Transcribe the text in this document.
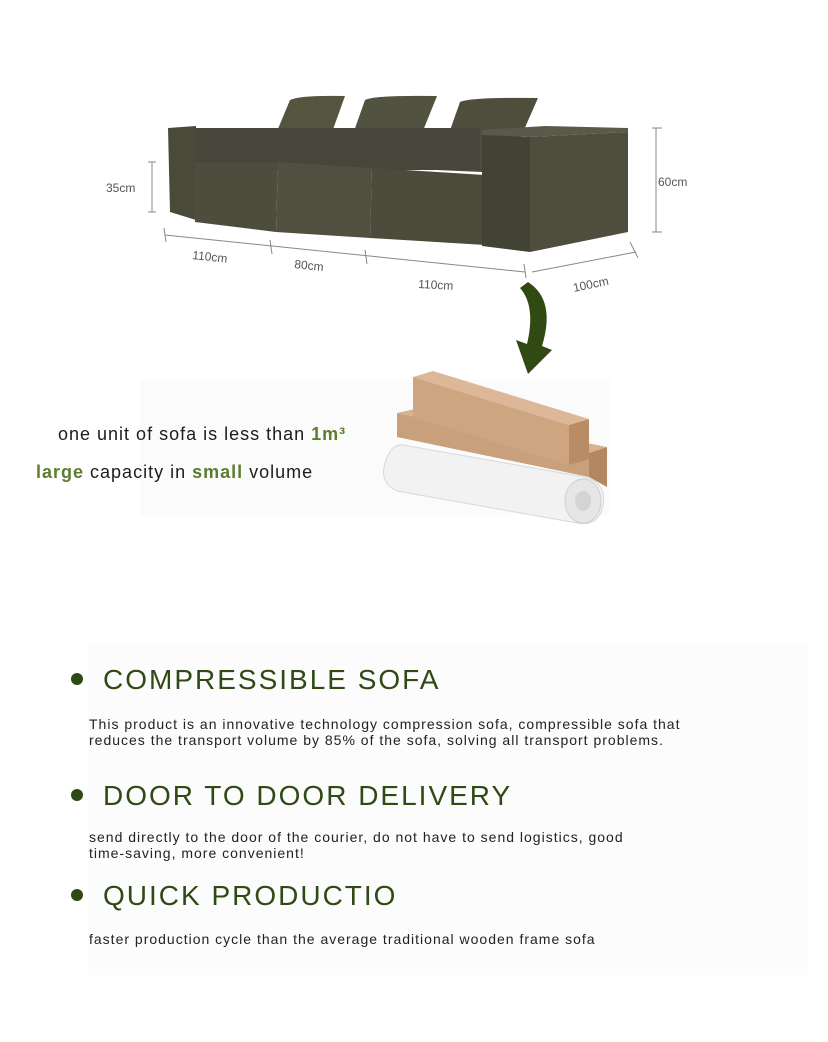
35cm	60cm
110cm	80cm
110cm	100cm
one unit of sofa is less than 1m³
large capacity in small volume
COMPRESSIBLE SOFA
This product is an innovative technology compression sofa, compressible sofa that
reduces the transport volume by 85% of the sofa, solving all transport problems.
DOOR TO DOOR DELIVERY
send directly to the door of the courier, do not have to send logistics, good
time-saving, more convenient!
QUICK PRODUCTIO
faster production cycle than the average traditional wooden frame sofa
